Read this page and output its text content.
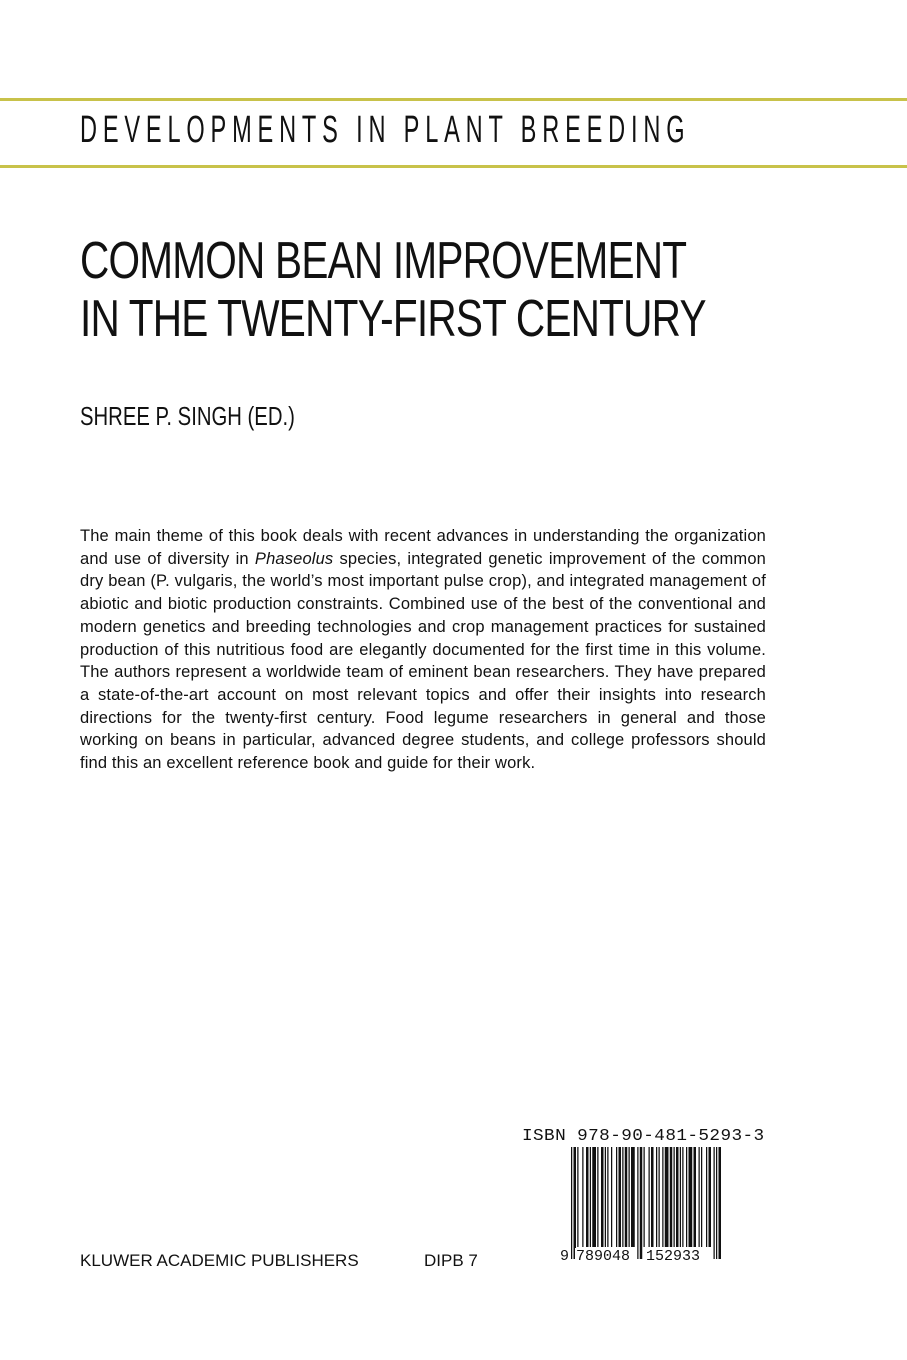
DEVELOPMENTS IN PLANT BREEDING
COMMON BEAN IMPROVEMENT
IN THE TWENTY-FIRST CENTURY
SHREE P. SINGH (ED.)
The main theme of this book deals with recent advances in understanding the organization and use of diversity in Phaseolus species, integrated genetic improvement of the common dry bean (P. vulgaris, the world’s most important pulse crop), and integrated management of abiotic and biotic production constraints. Combined use of the best of the conventional and modern genetics and breeding technologies and crop management practices for sustained production of this nutritious food are elegantly documented for the first time in this volume. The authors represent a worldwide team of eminent bean researchers. They have prepared a state-of-the-art account on most relevant topics and offer their insights into research directions for the twenty-first century. Food legume researchers in general and those working on beans in particular, advanced degree students, and college professors should find this an excellent reference book and guide for their work.
ISBN 978-90-481-5293-3
9 789048 152933
KLUWER ACADEMIC PUBLISHERS	DIPB 7
